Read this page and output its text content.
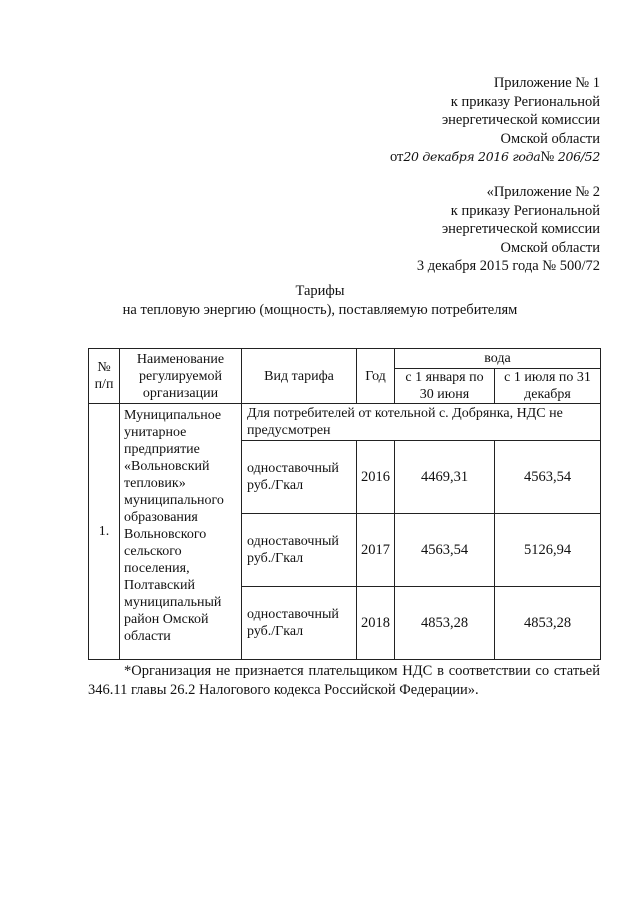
Приложение № 1
к приказу Региональной
энергетической комиссии
Омской области
от20 декабря 2016 года№ 206/52
«Приложение № 2
к приказу Региональной
энергетической комиссии
Омской области
3 декабря 2015 года № 500/72
Тарифы
на тепловую энергию (мощность), поставляемую потребителям
№ п/п	Наименование регулируемой организации	Вид тарифа	Год	вода	
				с 1 января по 30 июня	с 1 июля по 31 декабря
1.	Муниципальное унитарное предприятие «Вольновский тепловик» муниципального образования Вольновского сельского поселения, Полтавский муниципальный район Омской области	Для потребителей от котельной с. Добрянка, НДС не предусмотрен			
		одноставочный руб./Гкал	2016	4469,31	4563,54
		одноставочный руб./Гкал	2017	4563,54	5126,94
		одноставочный руб./Гкал	2018	4853,28	4853,28
*Организация не признается плательщиком НДС в соответствии со статьей 346.11 главы 26.2 Налогового кодекса Российской Федерации».
